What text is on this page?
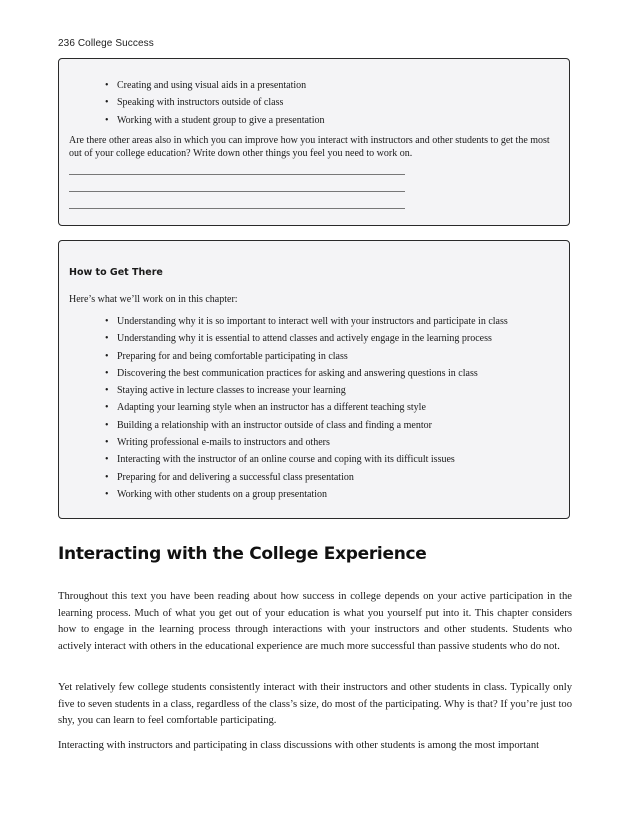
236 College Success
• Creating and using visual aids in a presentation
• Speaking with instructors outside of class
• Working with a student group to give a presentation

Are there other areas also in which you can improve how you interact with instructors and other students to get the most out of your college education? Write down other things you feel you need to work on.

How to Get There

Here’s what we’ll work on in this chapter:

• Understanding why it is so important to interact well with your instructors and participate in class
• Understanding why it is essential to attend classes and actively engage in the learning process
• Preparing for and being comfortable participating in class
• Discovering the best communication practices for asking and answering questions in class
• Staying active in lecture classes to increase your learning
• Adapting your learning style when an instructor has a different teaching style
• Building a relationship with an instructor outside of class and finding a mentor
• Writing professional e-mails to instructors and others
• Interacting with the instructor of an online course and coping with its difficult issues
• Preparing for and delivering a successful class presentation
• Working with other students on a group presentation
Interacting with the College Experience

Throughout this text you have been reading about how success in college depends on your active participation in the learning process. Much of what you get out of your education is what you yourself put into it. This chapter considers how to engage in the learning process through interactions with your instructors and other students. Students who actively interact with others in the educational experience are much more successful than passive students who do not.

Yet relatively few college students consistently interact with their instructors and other students in class. Typically only five to seven students in a class, regardless of the class’s size, do most of the participating. Why is that? If you’re just too shy, you can learn to feel comfortable participating.

Interacting with instructors and participating in class discussions with other students is among the most important
